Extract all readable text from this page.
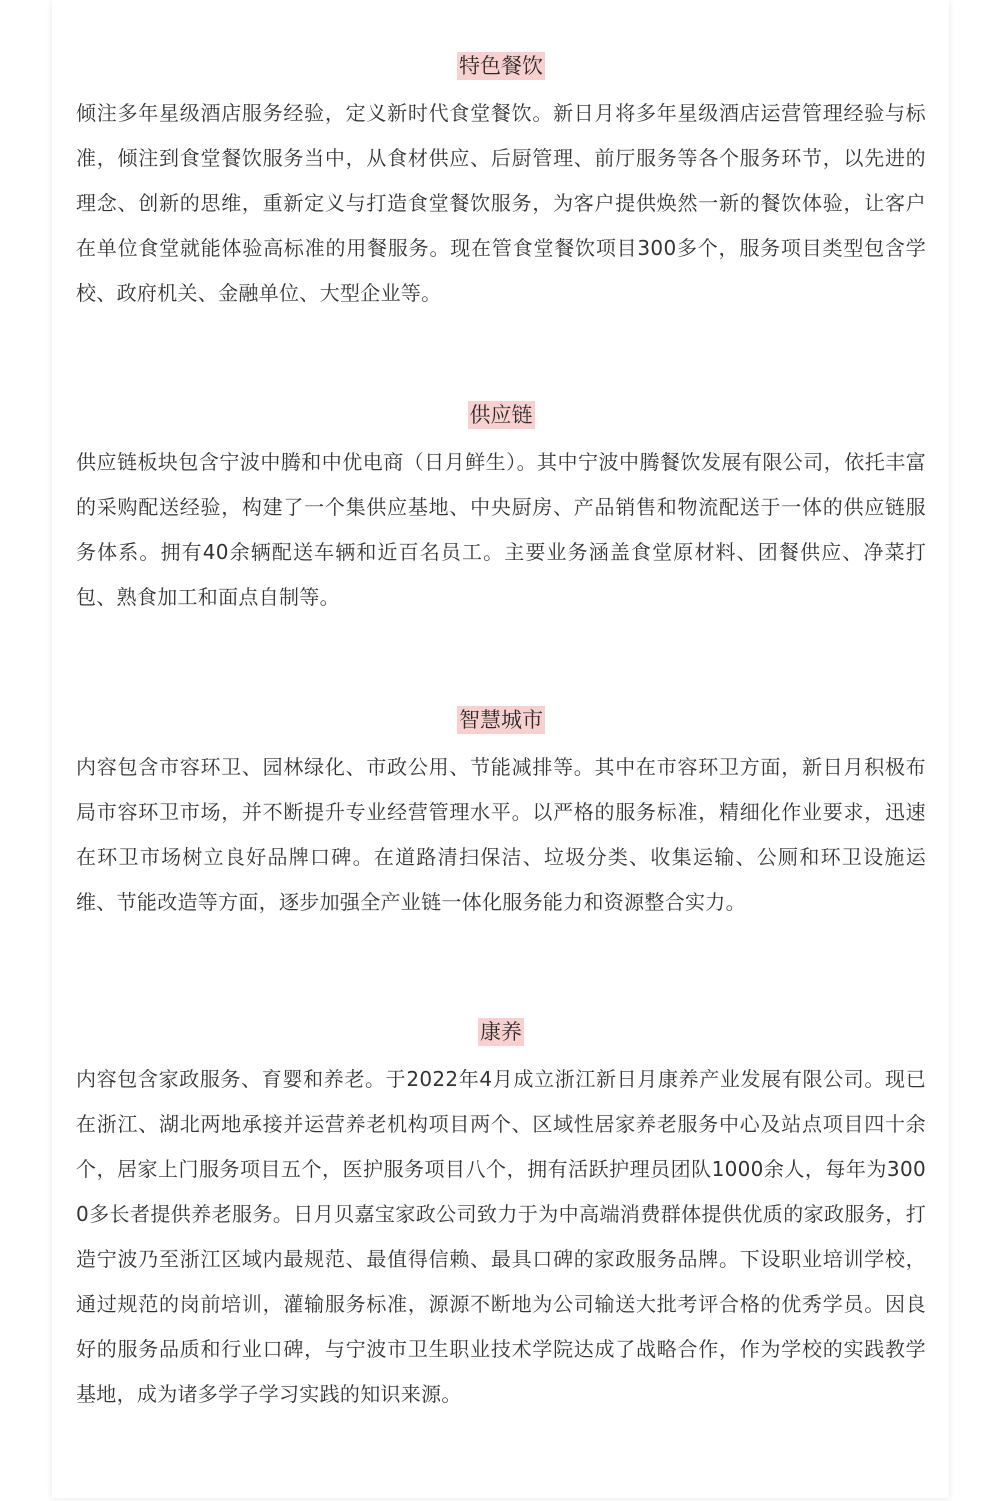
特色餐饮

倾注多年星级酒店服务经验，定义新时代食堂餐饮。新日月将多年星级酒店运营管理经验与标准，倾注到食堂餐饮服务当中，从食材供应、后厨管理、前厅服务等各个服务环节，以先进的理念、创新的思维，重新定义与打造食堂餐饮服务，为客户提供焕然一新的餐饮体验，让客户在单位食堂就能体验高标准的用餐服务。现在管食堂餐饮项目300多个，服务项目类型包含学校、政府机关、金融单位、大型企业等。

供应链

供应链板块包含宁波中腾和中优电商（日月鲜生）。其中宁波中腾餐饮发展有限公司，依托丰富的采购配送经验，构建了一个集供应基地、中央厨房、产品销售和物流配送于一体的供应链服务体系。拥有40余辆配送车辆和近百名员工。主要业务涵盖食堂原材料、团餐供应、净菜打包、熟食加工和面点自制等。

智慧城市

内容包含市容环卫、园林绿化、市政公用、节能减排等。其中在市容环卫方面，新日月积极布局市容环卫市场，并不断提升专业经营管理水平。以严格的服务标准，精细化作业要求，迅速在环卫市场树立良好品牌口碑。在道路清扫保洁、垃圾分类、收集运输、公厕和环卫设施运维、节能改造等方面，逐步加强全产业链一体化服务能力和资源整合实力。

康养

内容包含家政服务、育婴和养老。于2022年4月成立浙江新日月康养产业发展有限公司。现已在浙江、湖北两地承接并运营养老机构项目两个、区域性居家养老服务中心及站点项目四十余个，居家上门服务项目五个，医护服务项目八个，拥有活跃护理员团队1000余人，每年为3000多长者提供养老服务。日月贝嘉宝家政公司致力于为中高端消费群体提供优质的家政服务，打造宁波乃至浙江区域内最规范、最值得信赖、最具口碑的家政服务品牌。下设职业培训学校，通过规范的岗前培训，灌输服务标准，源源不断地为公司输送大批考评合格的优秀学员。因良好的服务品质和行业口碑，与宁波市卫生职业技术学院达成了战略合作，作为学校的实践教学基地，成为诸多学子学习实践的知识来源。
